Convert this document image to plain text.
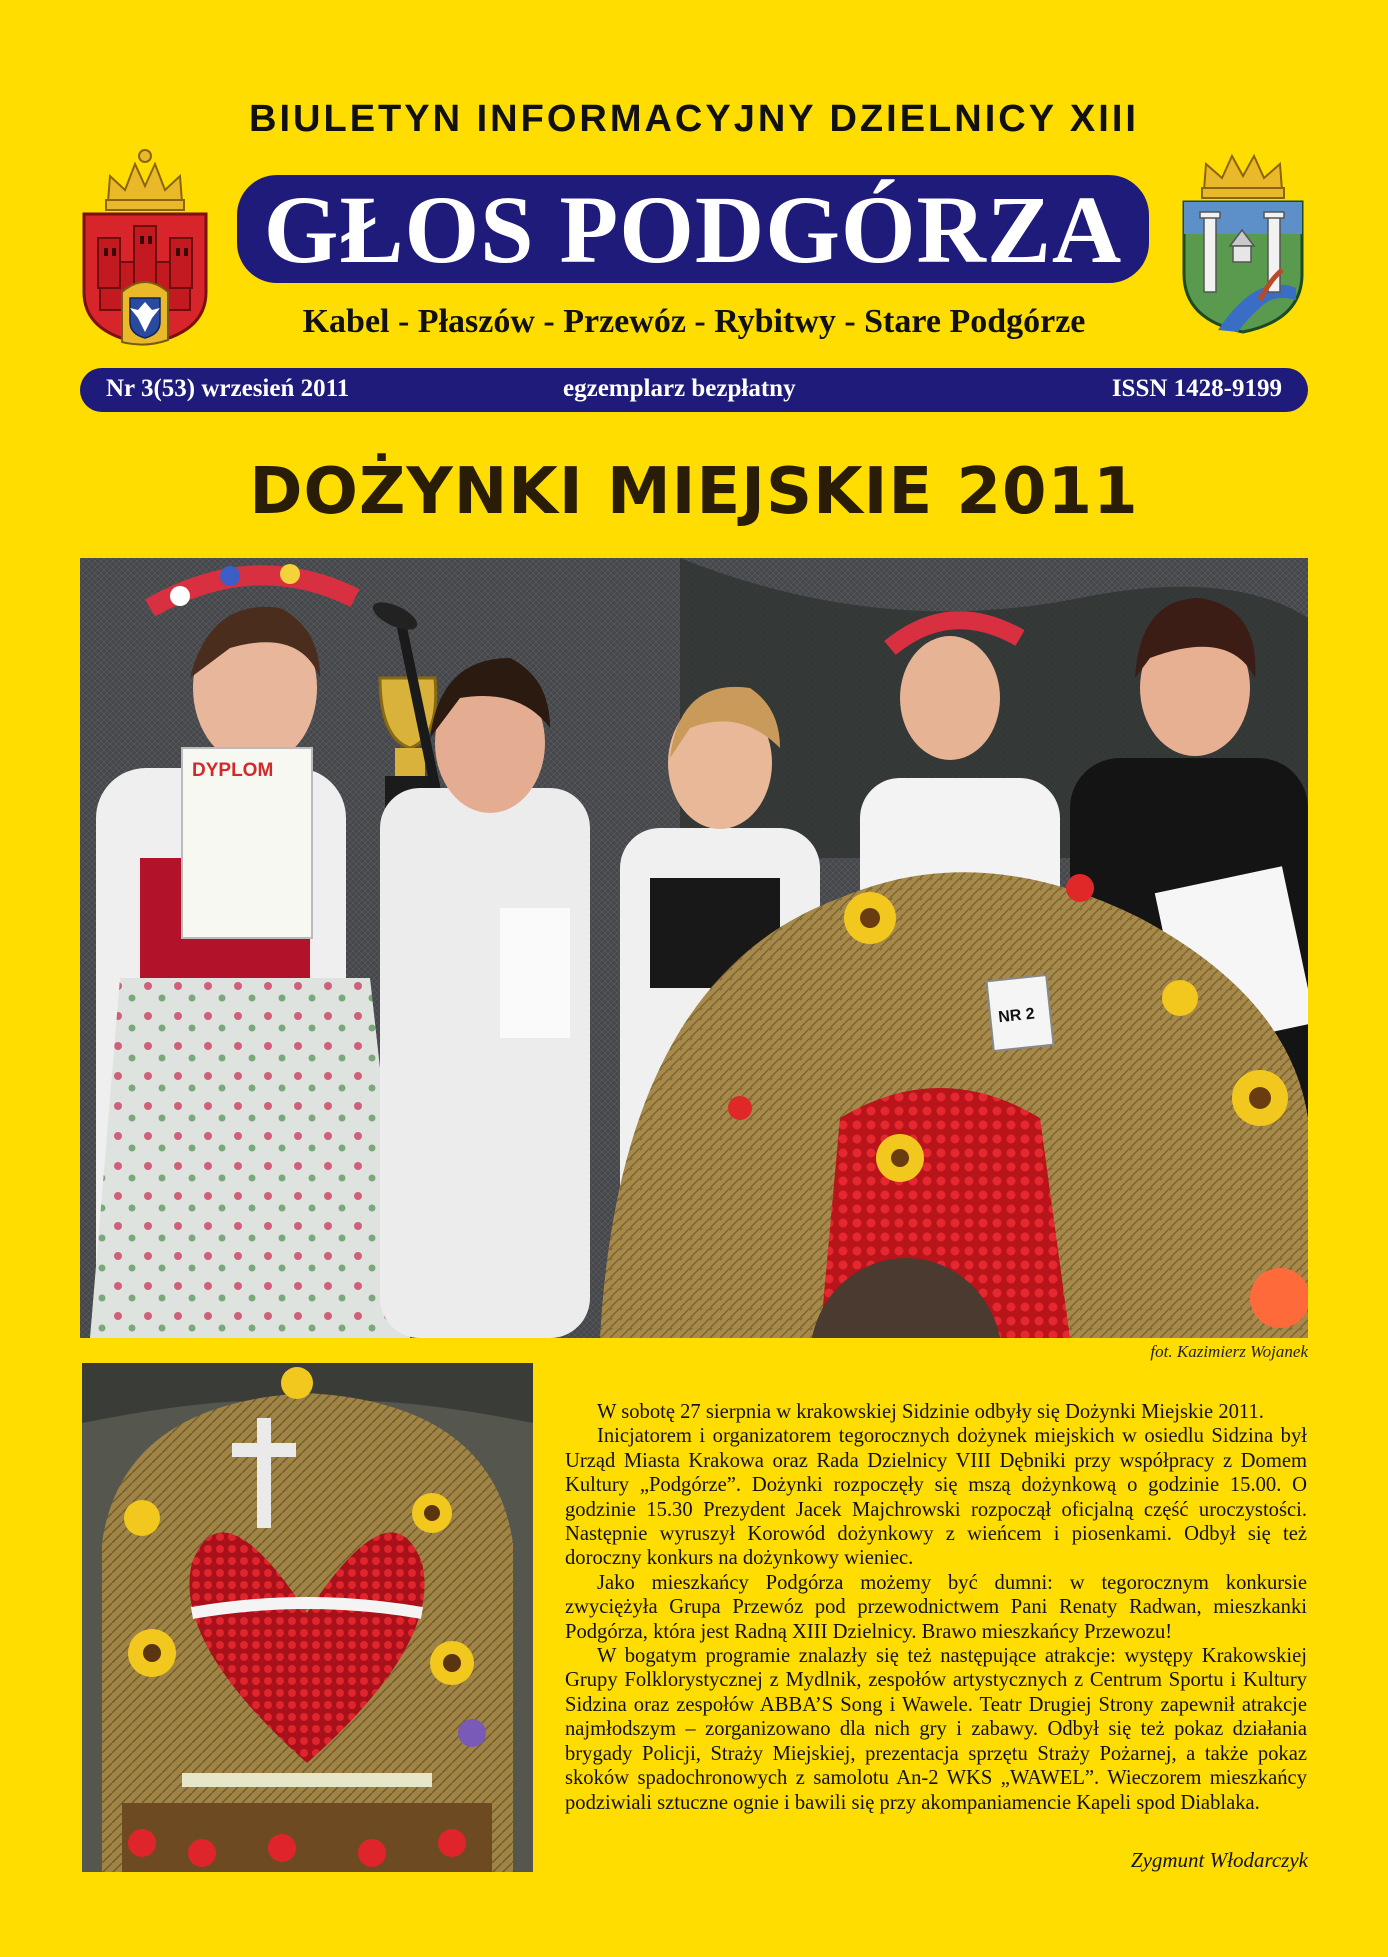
BIULETYN INFORMACYJNY DZIELNICY XIII
GŁOS PODGÓRZA
Kabel - Płaszów - Przewóz - Rybitwy - Stare Podgórze
Nr 3(53) wrzesień 2011	egzemplarz bezpłatny	ISSN 1428-9199
DOŻYNKI MIEJSKIE 2011
DYPLOM
NR 2
fot. Kazimierz Wojanek

W sobotę 27 sierpnia w krakowskiej Sidzinie odbyły się Dożynki Miejskie 2011.

Inicjatorem i organizatorem tegorocznych dożynek miejskich w osiedlu Sidzina był Urząd Miasta Krakowa oraz Rada Dzielnicy VIII Dębniki przy współpracy z Domem Kultury „Podgórze”. Dożynki rozpoczęły się mszą dożynkową o godzinie 15.00. O godzinie 15.30 Prezydent Jacek Majchrowski rozpoczął oficjalną część uroczystości. Następnie wyruszył Korowód dożynkowy z wieńcem i piosenkami. Odbył się też doroczny konkurs na dożynkowy wieniec.

Jako mieszkańcy Podgórza możemy być dumni: w tegorocznym konkursie zwyciężyła Grupa Przewóz pod przewodnictwem Pani Renaty Radwan, mieszkanki Podgórza, która jest Radną XIII Dzielnicy. Brawo mieszkańcy Przewozu!

W bogatym programie znalazły się też następujące atrakcje: występy Krakowskiej Grupy Folklorystycznej z Mydlnik, zespołów artystycznych z Centrum Sportu i Kultury Sidzina oraz zespołów ABBA’S Song i Wawele. Teatr Drugiej Strony zapewnił atrakcje najmłodszym – zorganizowano dla nich gry i zabawy. Odbył się też pokaz działania brygady Policji, Straży Miejskiej, prezentacja sprzętu Straży Pożarnej, a także pokaz skoków spadochronowych z samolotu An-2 WKS „WAWEL”. Wieczorem mieszkańcy podziwiali sztuczne ognie i bawili się przy akompaniamencie Kapeli spod Diablaka.

Zygmunt Włodarczyk
